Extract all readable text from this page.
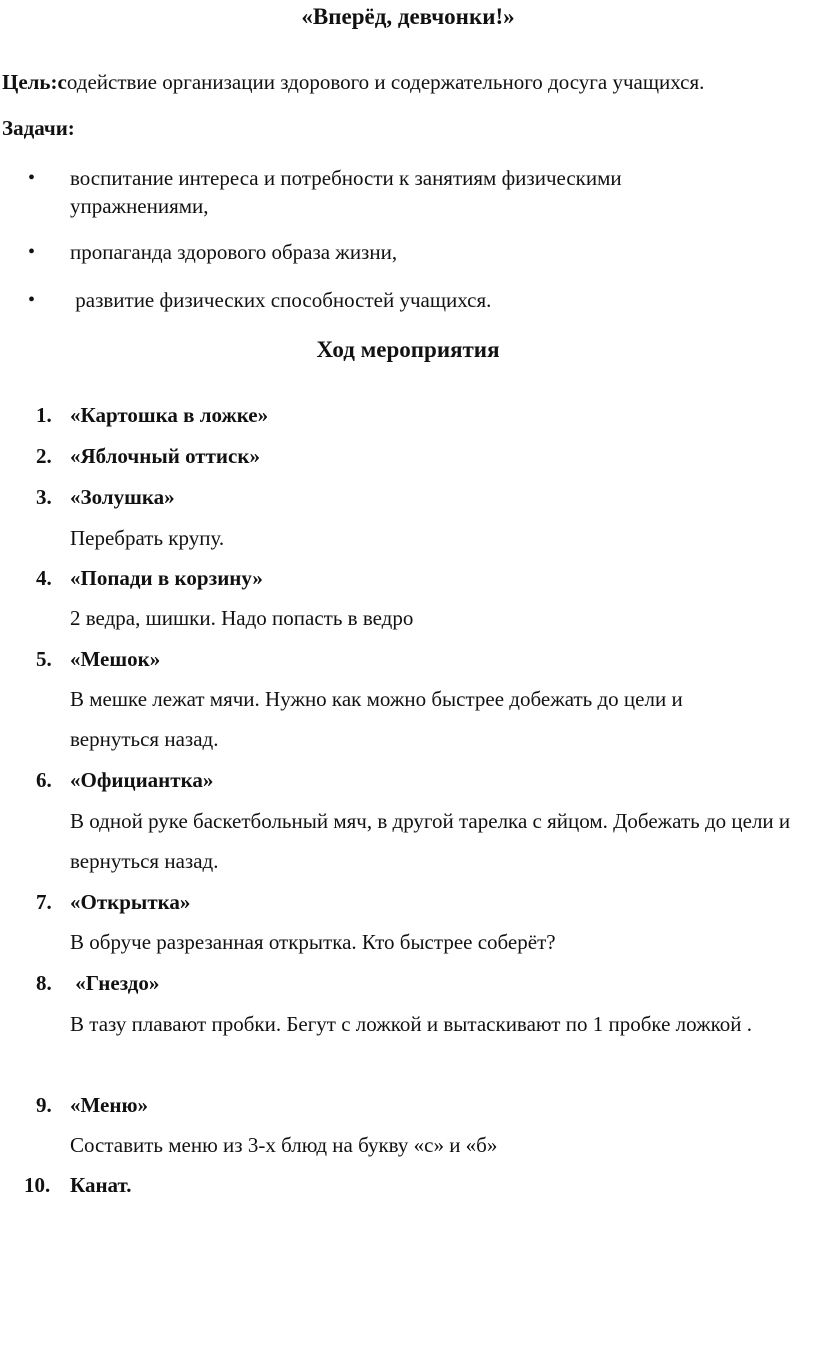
«Вперёд, девчонки!»
Цель:содействие организации здорового и содержательного досуга учащихся.
Задачи:
• воспитание интереса и потребности к занятиям физическими упражнениями,
• пропаганда здорового образа жизни,
• развитие физических способностей учащихся.
Ход мероприятия
1. «Картошка в ложке»
2. «Яблочный оттиск»
3. «Золушка»
Перебрать крупу.
4. «Попади в корзину»
2 ведра, шишки. Надо попасть в ведро
5. «Мешок»
В мешке лежат мячи. Нужно как можно быстрее добежать до цели и вернуться назад.
6. «Официантка»
В одной руке баскетбольный мяч, в другой тарелка с яйцом. Добежать до цели и вернуться назад.
7. «Открытка»
В обруче разрезанная открытка. Кто быстрее соберёт?
8. «Гнездо»
В тазу плавают пробки. Бегут с ложкой и вытаскивают по 1 пробке ложкой .
9. «Меню»
Составить меню из 3-х блюд на букву «с» и «б»
10. Канат.
